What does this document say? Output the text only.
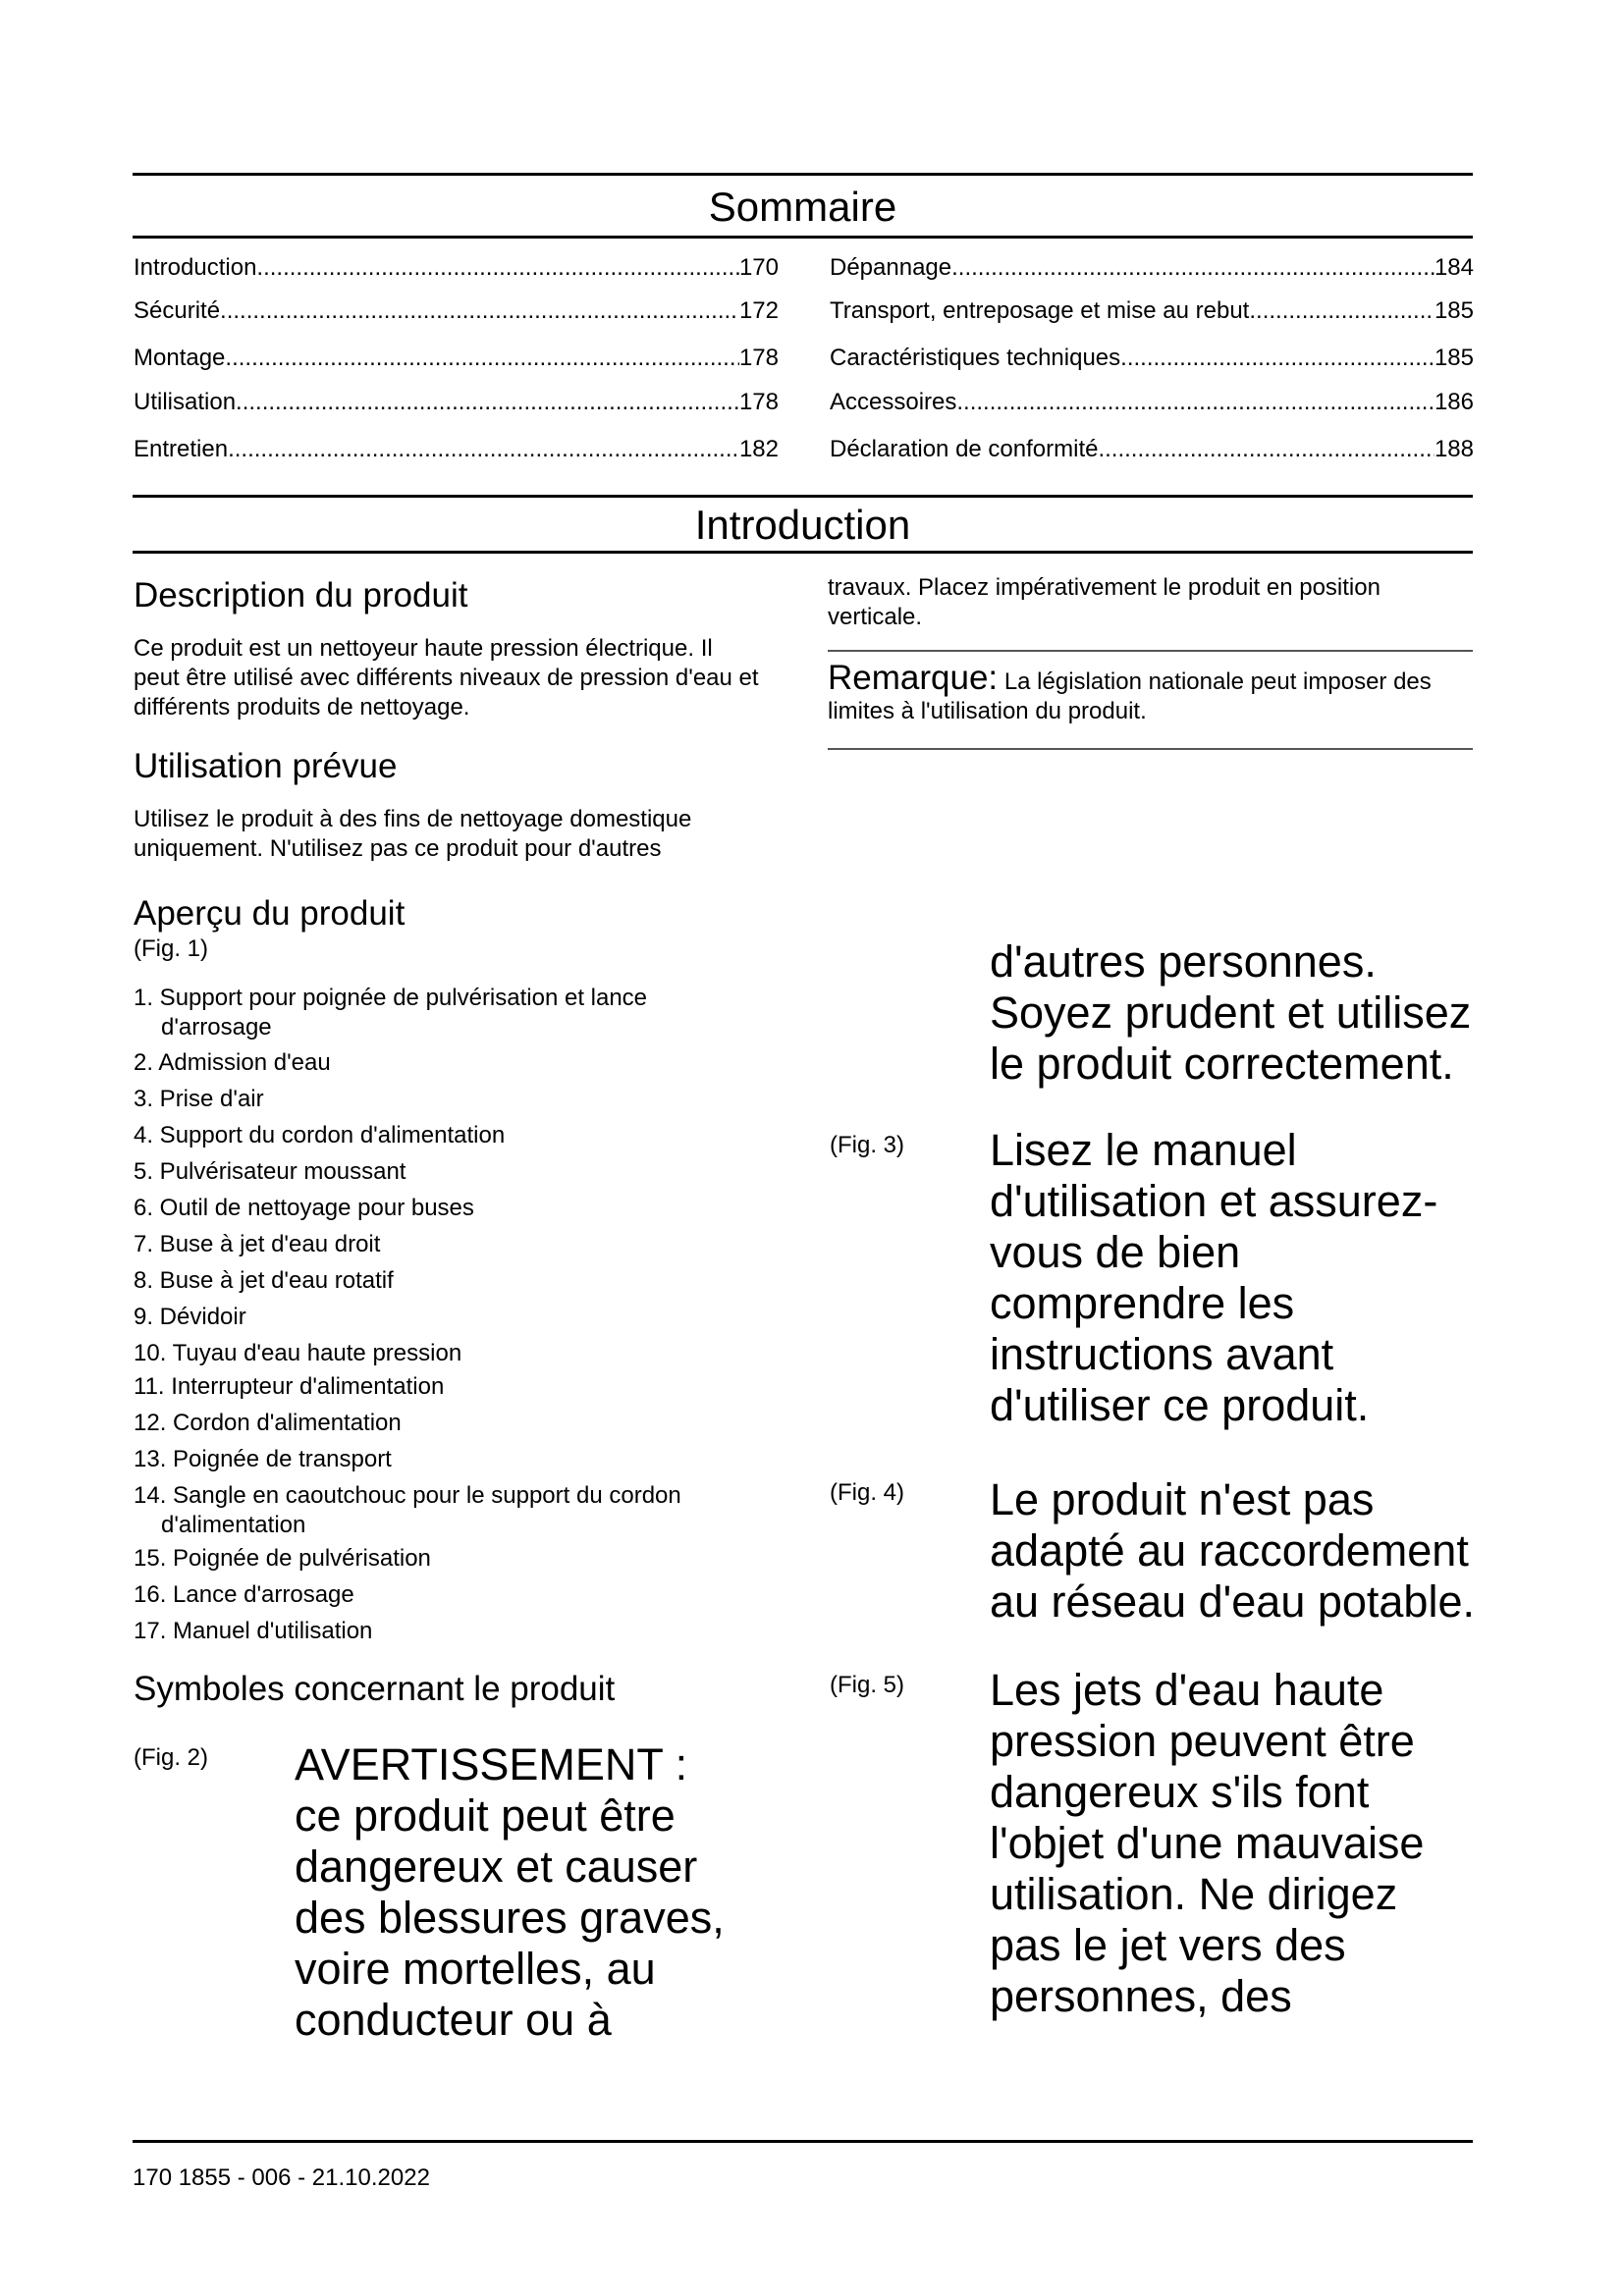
Sommaire
Introduction .....	170
Sécurité .....	172
Montage .....	178
Utilisation .....	178
Entretien .....	182
Dépannage .....	184
Transport, entreposage et mise au rebut .....	185
Caractéristiques techniques .....	185
Accessoires .....	186
Déclaration de conformité .....	188
Introduction
Description du produit

Ce produit est un nettoyeur haute pression électrique. Il peut être utilisé avec différents niveaux de pression d'eau et différents produits de nettoyage.

Utilisation prévue

Utilisez le produit à des fins de nettoyage domestique uniquement. N'utilisez pas ce produit pour d'autres

Aperçu du produit
(Fig. 1)
1. Support pour poignée de pulvérisation et lance d'arrosage
2. Admission d'eau
3. Prise d'air
4. Support du cordon d'alimentation
5. Pulvérisateur moussant
6. Outil de nettoyage pour buses
7. Buse à jet d'eau droit
8. Buse à jet d'eau rotatif
9. Dévidoir
10. Tuyau d'eau haute pression
11. Interrupteur d'alimentation
12. Cordon d'alimentation
13. Poignée de transport
14. Sangle en caoutchouc pour le support du cordon d'alimentation
15. Poignée de pulvérisation
16. Lance d'arrosage
17. Manuel d'utilisation
Symboles concernant le produit
(Fig. 2) AVERTISSEMENT : ce produit peut être dangereux et causer des blessures graves, voire mortelles, au conducteur ou à

travaux. Placez impérativement le produit en position verticale.

Remarque: La législation nationale peut imposer des limites à l'utilisation du produit.

d'autres personnes. Soyez prudent et utilisez le produit correctement.

(Fig. 3) Lisez le manuel d'utilisation et assurez-vous de bien comprendre les instructions avant d'utiliser ce produit.

(Fig. 4) Le produit n'est pas adapté au raccordement au réseau d'eau potable.

(Fig. 5) Les jets d'eau haute pression peuvent être dangereux s'ils font l'objet d'une mauvaise utilisation. Ne dirigez pas le jet vers des personnes, des

170 1855 - 006 - 21.10.2022
